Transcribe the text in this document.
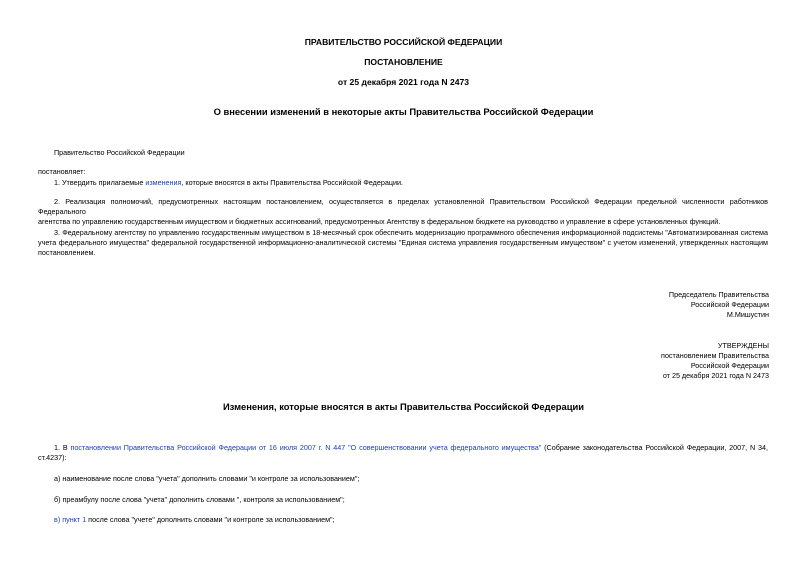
ПРАВИТЕЛЬСТВО РОССИЙСКОЙ ФЕДЕРАЦИИ
ПОСТАНОВЛЕНИЕ
от 25 декабря 2021 года N 2473
О внесении изменений в некоторые акты Правительства Российской Федерации
Правительство Российской Федерации
постановляет:
1. Утвердить прилагаемые изменения, которые вносятся в акты Правительства Российской Федерации.
2. Реализация полномочий, предусмотренных настоящим постановлением, осуществляется в пределах установленной Правительством Российской Федерации предельной численности работников Федерального
агентства по управлению государственным имуществом и бюджетных ассигнований, предусмотренных Агентству в федеральном бюджете на руководство и управление в сфере установленных функций.
3. Федеральному агентству по управлению государственным имуществом в 18-месячный срок обеспечить модернизацию программного обеспечения информационной подсистемы "Автоматизированная система
учета федерального имущества" федеральной государственной информационно-аналитической системы "Единая система управления государственным имуществом" с учетом изменений, утвержденных настоящим
постановлением.
Председатель Правительства
Российской Федерации
М.Мишустин
УТВЕРЖДЕНЫ
постановлением Правительства
Российской Федерации
от 25 декабря 2021 года N 2473
Изменения, которые вносятся в акты Правительства Российской Федерации
1. В постановлении Правительства Российской Федерации от 16 июля 2007 г. N 447 "О совершенствовании учета федерального имущества" (Собрание законодательства Российской Федерации, 2007, N 34,
ст.4237):
а) наименование после слова "учета" дополнить словами "и контроле за использованием";
б) преамбулу после слова "учета" дополнить словами ", контроля за использованием";
в) пункт 1 после слова "учете" дополнить словами "и контроле за использованием";
